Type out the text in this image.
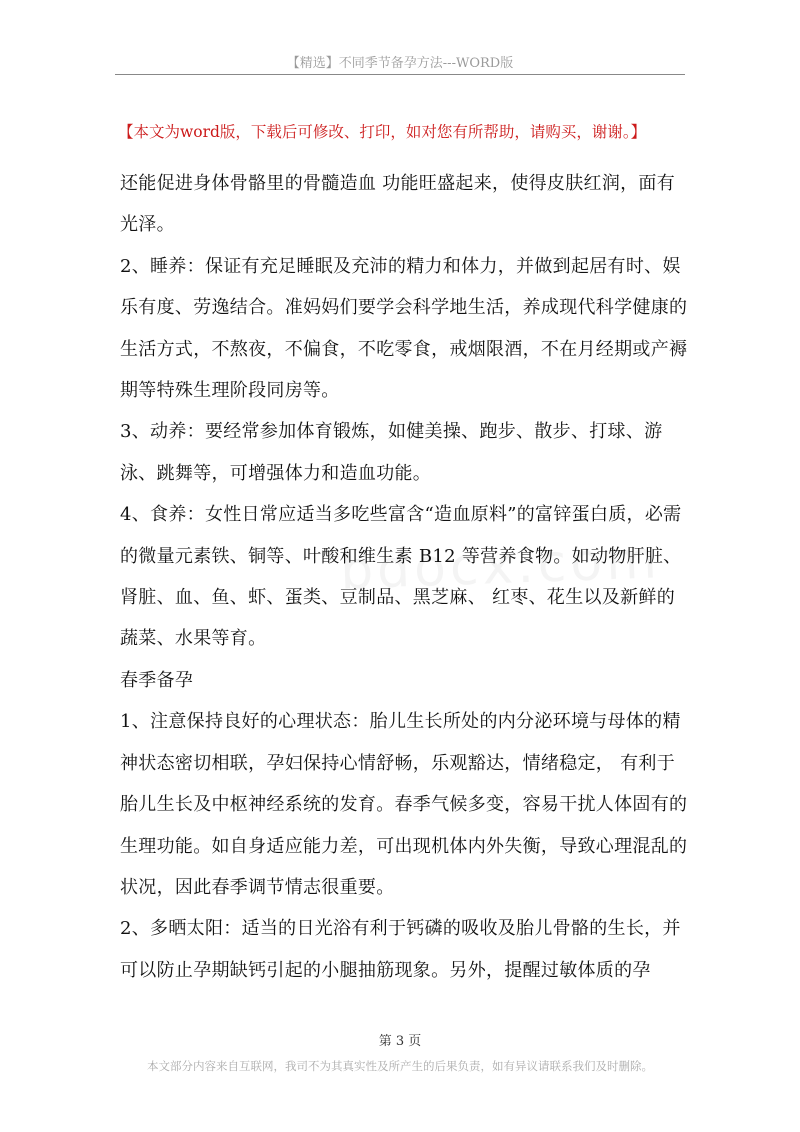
【精选】不同季节备孕方法---WORD版
【本文为word版，下载后可修改、打印，如对您有所帮助，请购买，谢谢。】

还能促进身体骨骼里的骨髓造血 功能旺盛起来，使得皮肤红润，面有光泽。

2、睡养：保证有充足睡眠及充沛的精力和体力，并做到起居有时、娱乐有度、劳逸结合。准妈妈们要学会科学地生活，养成现代科学健康的生活方式，不熬夜，不偏食，不吃零食，戒烟限酒，不在月经期或产褥期等特殊生理阶段同房等。

3、动养：要经常参加体育锻炼，如健美操、跑步、散步、打球、游泳、跳舞等，可增强体力和造血功能。

4、食养：女性日常应适当多吃些富含“造血原料”的富锌蛋白质，必需的微量元素铁、铜等、叶酸和维生素 B12 等营养食物。如动物肝脏、肾脏、血、鱼、虾、蛋类、豆制品、黑芝麻、 红枣、花生以及新鲜的蔬菜、水果等育。

春季备孕

1、注意保持良好的心理状态：胎儿生长所处的内分泌环境与母体的精神状态密切相联，孕妇保持心情舒畅，乐观豁达，情绪稳定， 有利于胎儿生长及中枢神经系统的发育。春季气候多变，容易干扰人体固有的生理功能。如自身适应能力差，可出现机体内外失衡，导致心理混乱的状况，因此春季调节情志很重要。

2、多晒太阳：适当的日光浴有利于钙磷的吸收及胎儿骨骼的生长，并可以防止孕期缺钙引起的小腿抽筋现象。另外，提醒过敏体质的孕

第 3 页
本文部分内容来自互联网，我司不为其真实性及所产生的后果负责，如有异议请联系我们及时删除。
